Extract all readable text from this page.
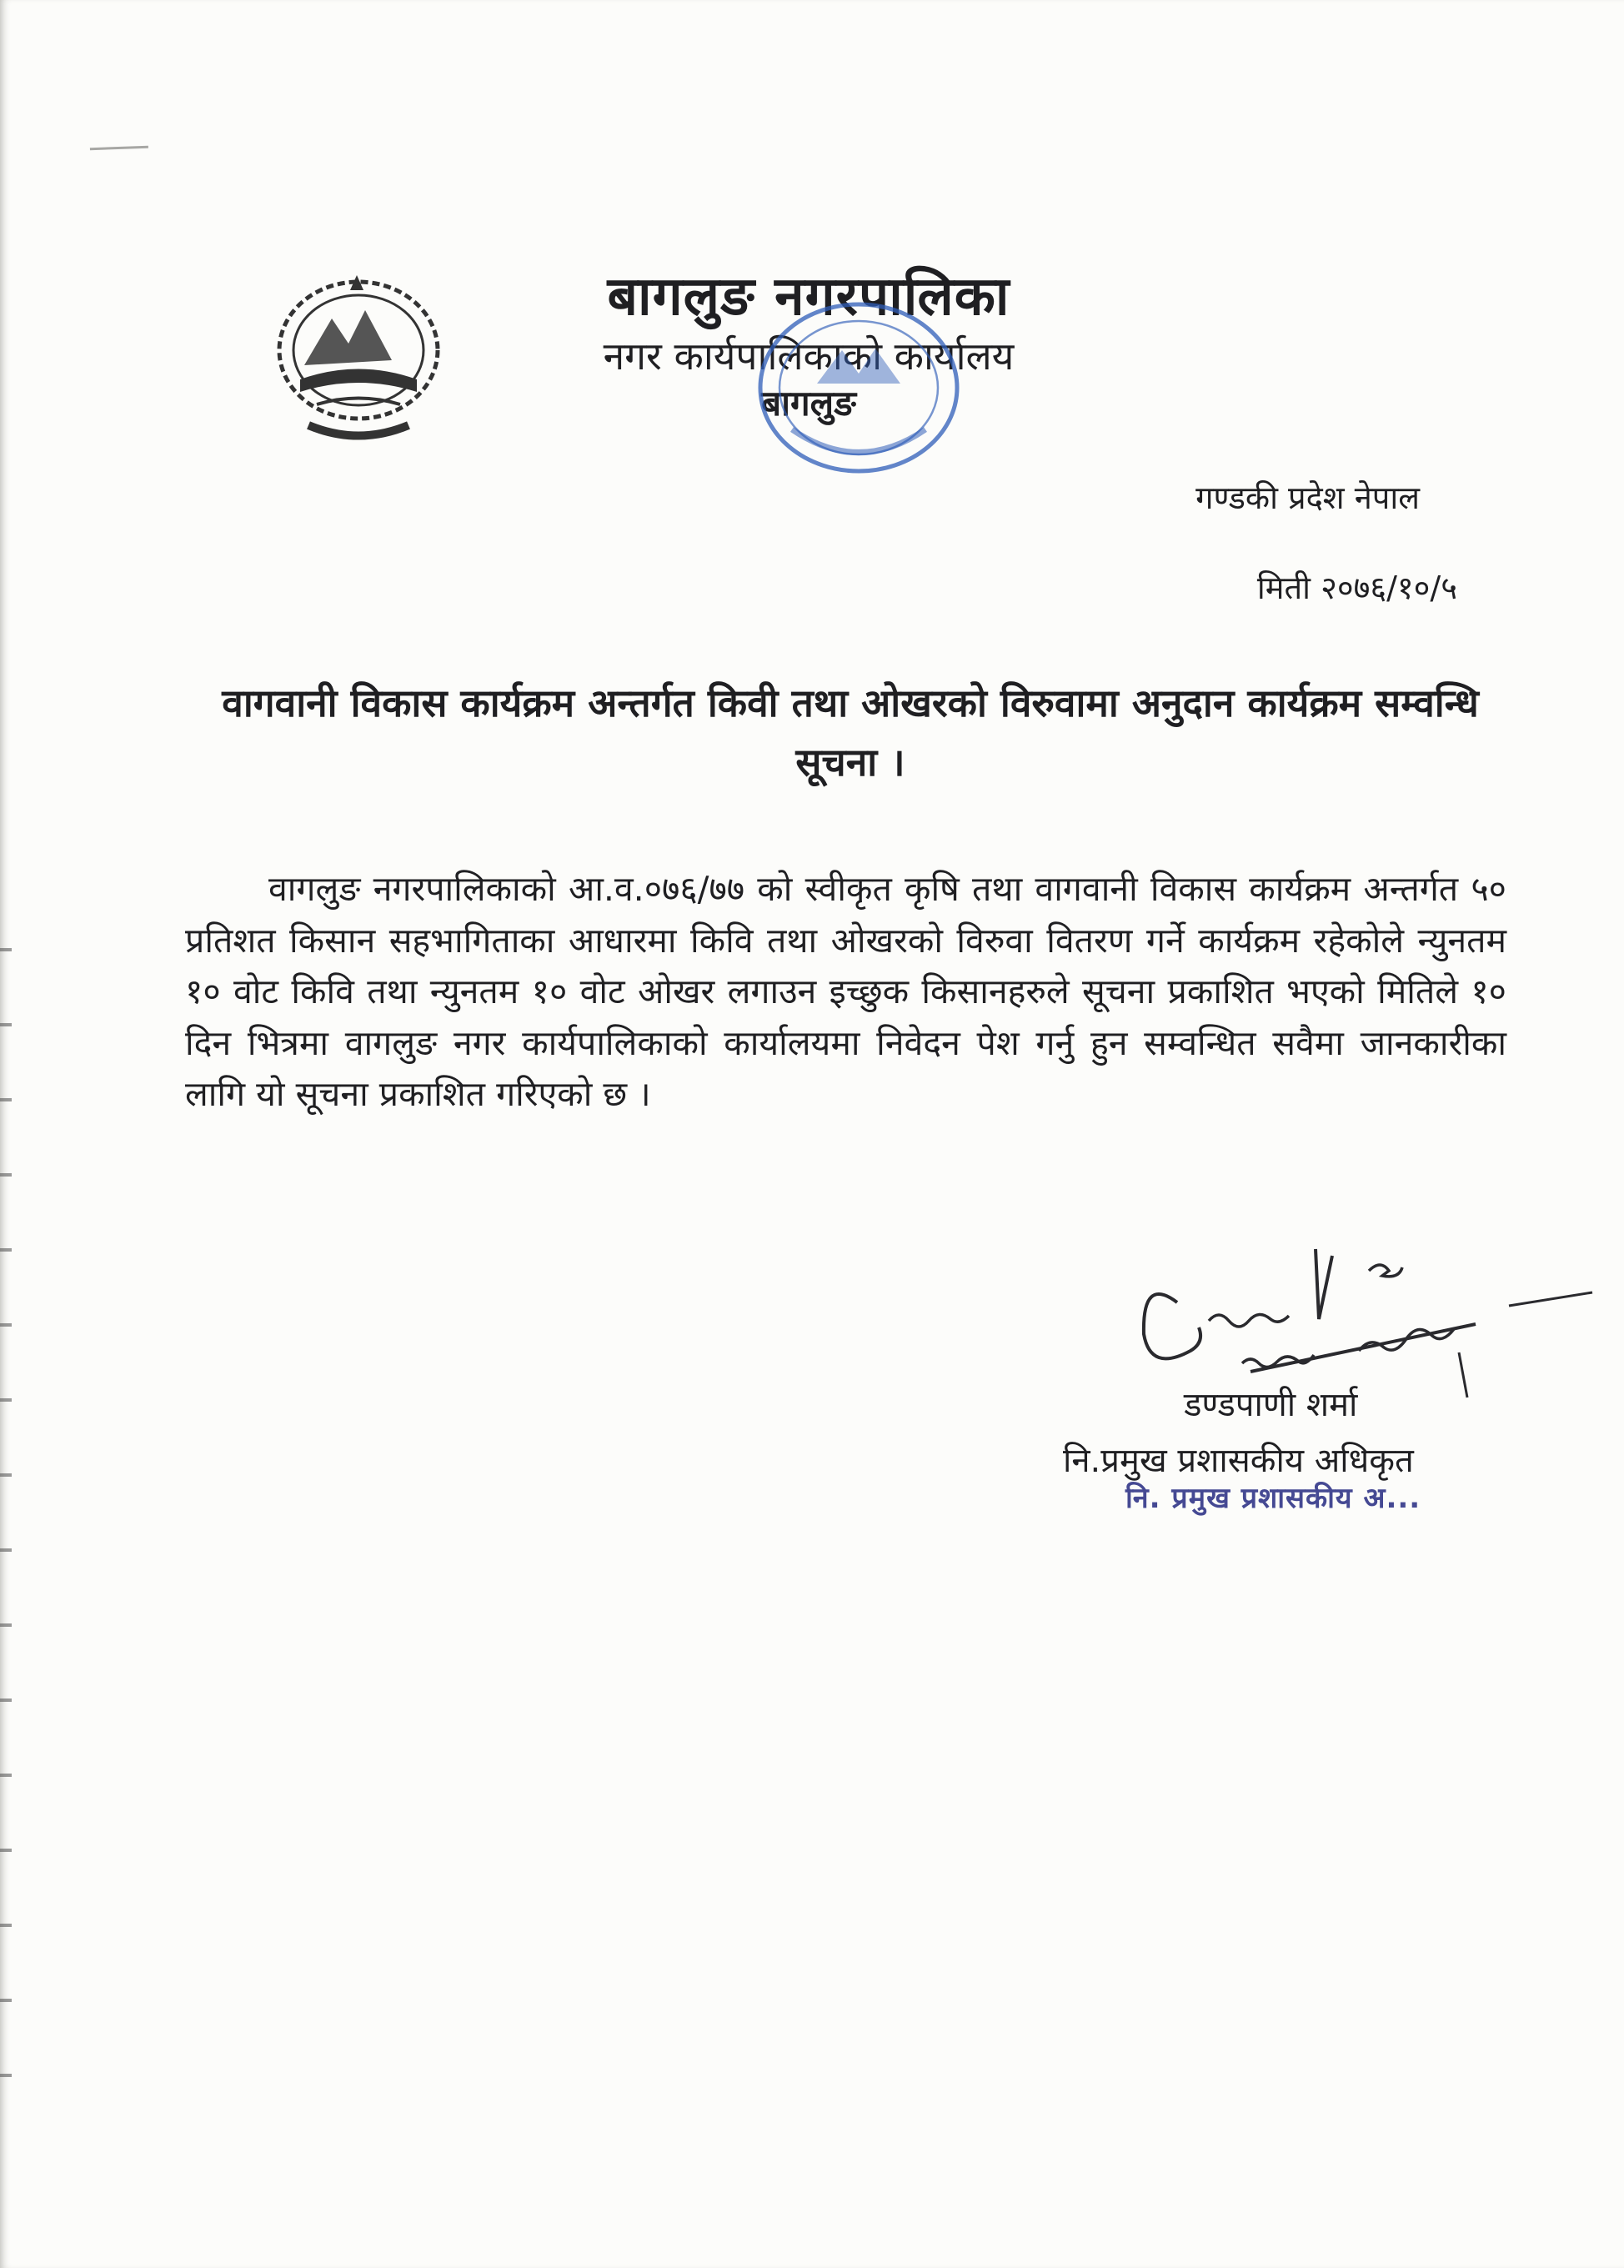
बागलुङ नगरपालिका

नगर कार्यपालिकाको कार्यालय

बागलुङ

गण्डकी प्रदेश नेपाल
मिती २०७६/१०/५

वागवानी विकास कार्यक्रम अन्तर्गत किवी तथा ओखरको विरुवामा अनुदान कार्यक्रम सम्वन्धि सूचना ।

वागलुङ नगरपालिकाको आ.व.०७६/७७ को स्वीकृत कृषि तथा वागवानी विकास कार्यक्रम अन्तर्गत ५० प्रतिशत किसान सहभागिताका आधारमा किवि तथा ओखरको विरुवा वितरण गर्ने कार्यक्रम रहेकोले न्युनतम १० वोट किवि तथा न्युनतम १० वोट ओखर लगाउन इच्छुक किसानहरुले सूचना प्रकाशित भएको मितिले १० दिन भित्रमा वागलुङ नगर कार्यपालिकाको कार्यालयमा निवेदन पेश गर्नु हुन सम्वन्धित सवैमा जानकारीका लागि यो सूचना प्रकाशित गरिएको छ ।

डण्डपाणी शर्मा
नि.प्रमुख प्रशासकीय अधिकृत
नि. प्रमुख प्रशासकीय अ...
